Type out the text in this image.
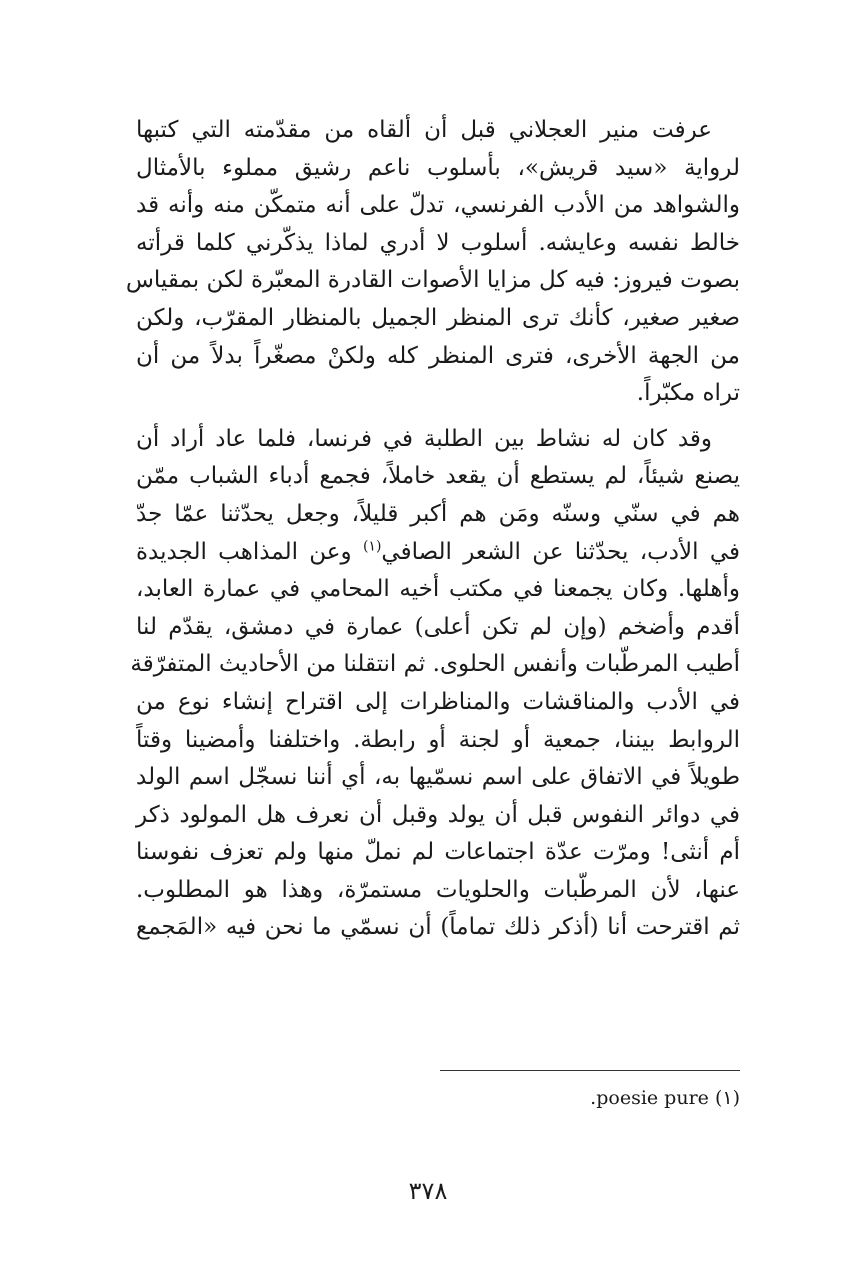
عرفت منير العجلاني قبل أن ألقاه من مقدّمته التي كتبها
لرواية «سيد قريش»، بأسلوب ناعم رشيق مملوء بالأمثال
والشواهد من الأدب الفرنسي، تدلّ على أنه متمكّن منه وأنه قد
خالط نفسه وعايشه. أسلوب لا أدري لماذا يذكّرني كلما قرأته
بصوت فيروز: فيه كل مزايا الأصوات القادرة المعبّرة لكن بمقياس
صغير صغير، كأنك ترى المنظر الجميل بالمنظار المقرّب، ولكن
من الجهة الأخرى، فترى المنظر كله ولكنْ مصغّراً بدلاً من أن
تراه مكبّراً.

وقد كان له نشاط بين الطلبة في فرنسا، فلما عاد أراد أن
يصنع شيئاً، لم يستطع أن يقعد خاملاً، فجمع أدباء الشباب ممّن
هم في سنّي وسنّه ومَن هم أكبر قليلاً، وجعل يحدّثنا عمّا جدّ
في الأدب، يحدّثنا عن الشعر الصافي$^{(١)}$ وعن المذاهب الجديدة
وأهلها. وكان يجمعنا في مكتب أخيه المحامي في عمارة العابد،
أقدم وأضخم (وإن لم تكن أعلى) عمارة في دمشق، يقدّم لنا
أطيب المرطّبات وأنفس الحلوى. ثم انتقلنا من الأحاديث المتفرّقة
في الأدب والمناقشات والمناظرات إلى اقتراح إنشاء نوع من
الروابط بيننا، جمعية أو لجنة أو رابطة. واختلفنا وأمضينا وقتاً
طويلاً في الاتفاق على اسم نسمّيها به، أي أننا نسجّل اسم الولد
في دوائر النفوس قبل أن يولد وقبل أن نعرف هل المولود ذكر
أم أنثى! ومرّت عدّة اجتماعات لم نملّ منها ولم تعزف نفوسنا
عنها، لأن المرطّبات والحلويات مستمرّة، وهذا هو المطلوب.
ثم اقترحت أنا (أذكر ذلك تماماً) أن نسمّي ما نحن فيه «المَجمع

(١) poesie pure.
٣٧٨
